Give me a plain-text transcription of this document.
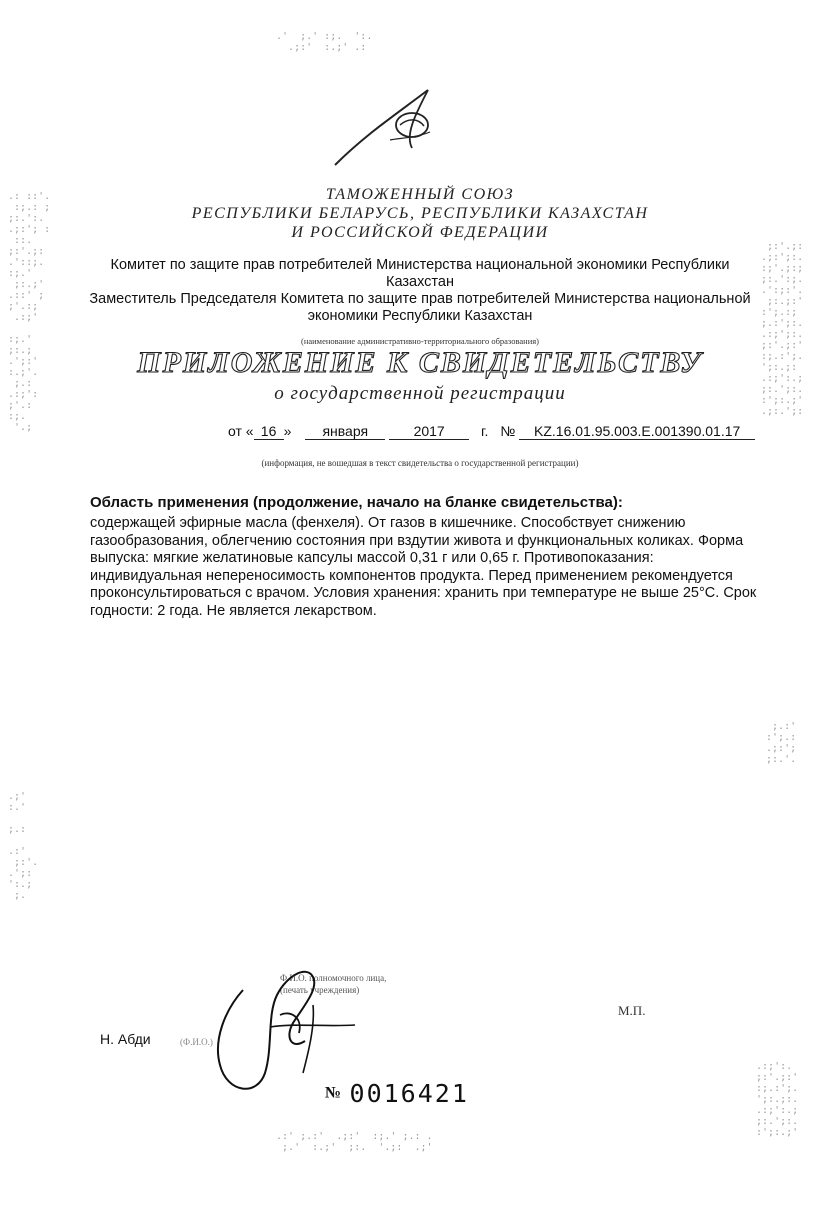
.: ::'.
:;.: ;
;:.':.
.;:'; :
::.
;:'.;:
.'::;.
:;.'
;:.;'
.::' ;
;'.:;
.:;'

:;.'
;:.;
.';:'
:.;'.
;.:
.:;':
;'.:
:;.
'.;

.;'
:.'

;.:

.:'
;:'.
.';:
':.;
;.

;:'.;:
.;:';:.
:;'.;:;
;:.':;.
.':;:'.
;:.;:'
:';.:;
;.:';:.
.:;';:.
;:'.;:'
:;.:';.
';:.;:
.:;':.;
;:.';:.
:';:.;'
.;:.';:

;.:'
:';.:
.;:';
;:.'.

.:;':.
;:'.;:'
:;.:';.
';:.;:.
.:;':.;
;:.';:.
:';:.;'

.'  ;.' :;.  ':.
.;:'  :.;' .:

.:' ;.:'  .;:'  :;.' ;.: .
;.'  :.;'  ;:.  '.;:  .;'

ТАМОЖЕННЫЙ СОЮЗ
РЕСПУБЛИКИ БЕЛАРУСЬ, РЕСПУБЛИКИ КАЗАХСТАН
И РОССИЙСКОЙ ФЕДЕРАЦИИ
Комитет по защите прав потребителей Министерства национальной экономики Республики
Казахстан
Заместитель Председателя Комитета по защите прав потребителей Министерства национальной
экономики Республики Казахстан
(наименование административно-территориального образования)
ПРИЛОЖЕНИЕ К СВИДЕТЕЛЬСТВУ
о государственной регистрации
от « 16 » января	2017	г. № KZ.16.01.95.003.E.001390.01.17
(информация, не вошедшая в текст свидетельства о государственной регистрации)
Область применения (продолжение, начало на бланке свидетельства):
содержащей эфирные масла (фенхеля). От газов в кишечнике. Способствует снижению
газообразования, облегчению состояния при вздутии живота и функциональных коликах. Форма
выпуска: мягкие желатиновые капсулы массой 0,31 г или 0,65 г. Противопоказания:
индивидуальная непереносимость компонентов продукта. Перед применением рекомендуется
проконсультироваться с врачом. Условия хранения: хранить при температуре не выше 25°С. Срок
годности: 2 года. Не является лекарством.
Ф.И.О. полномочного лица,
(печать учреждения)
Н. Абди	(Ф.И.О.)
М.П.
№ 0016421
